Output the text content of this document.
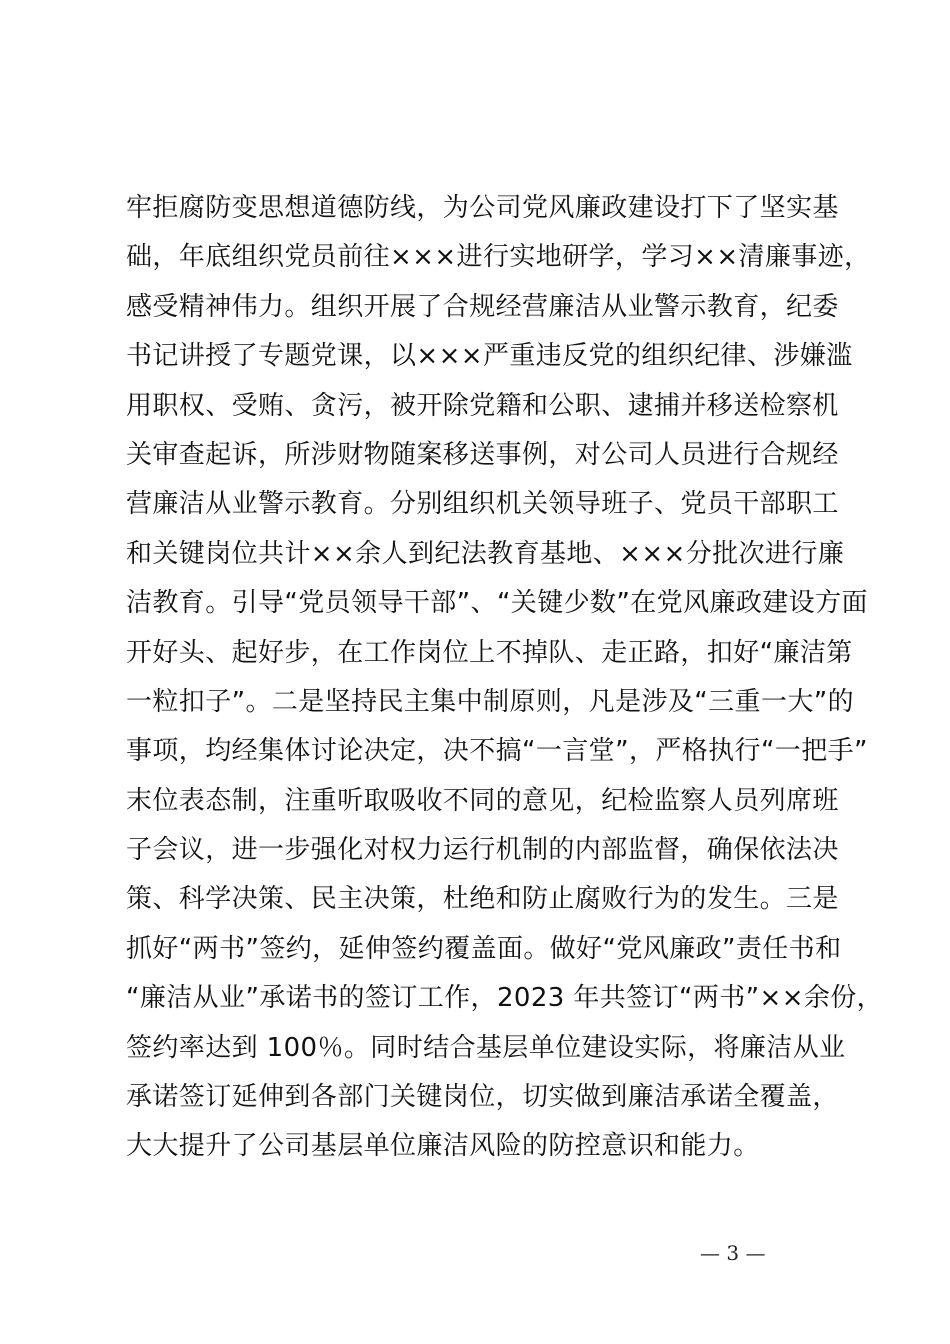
牢拒腐防变思想道德防线，为公司党风廉政建设打下了坚实基
础，年底组织党员前往×××进行实地研学，学习××清廉事迹，
感受精神伟力。组织开展了合规经营廉洁从业警示教育，纪委
书记讲授了专题党课，以×××严重违反党的组织纪律、涉嫌滥
用职权、受贿、贪污，被开除党籍和公职、逮捕并移送检察机
关审查起诉，所涉财物随案移送事例，对公司人员进行合规经
营廉洁从业警示教育。分别组织机关领导班子、党员干部职工
和关键岗位共计××余人到纪法教育基地、×××分批次进行廉
洁教育。引导“党员领导干部”、“关键少数”在党风廉政建设方面
开好头、起好步，在工作岗位上不掉队、走正路，扣好“廉洁第
一粒扣子”。二是坚持民主集中制原则，凡是涉及“三重一大”的
事项，均经集体讨论决定，决不搞“一言堂”，严格执行“一把手”
末位表态制，注重听取吸收不同的意见，纪检监察人员列席班
子会议，进一步强化对权力运行机制的内部监督，确保依法决
策、科学决策、民主决策，杜绝和防止腐败行为的发生。三是
抓好“两书”签约，延伸签约覆盖面。做好“党风廉政”责任书和
“廉洁从业”承诺书的签订工作，2023 年共签订“两书”××余份，
签约率达到 100％。同时结合基层单位建设实际，将廉洁从业
承诺签订延伸到各部门关键岗位，切实做到廉洁承诺全覆盖，
大大提升了公司基层单位廉洁风险的防控意识和能力。
— 3 —
